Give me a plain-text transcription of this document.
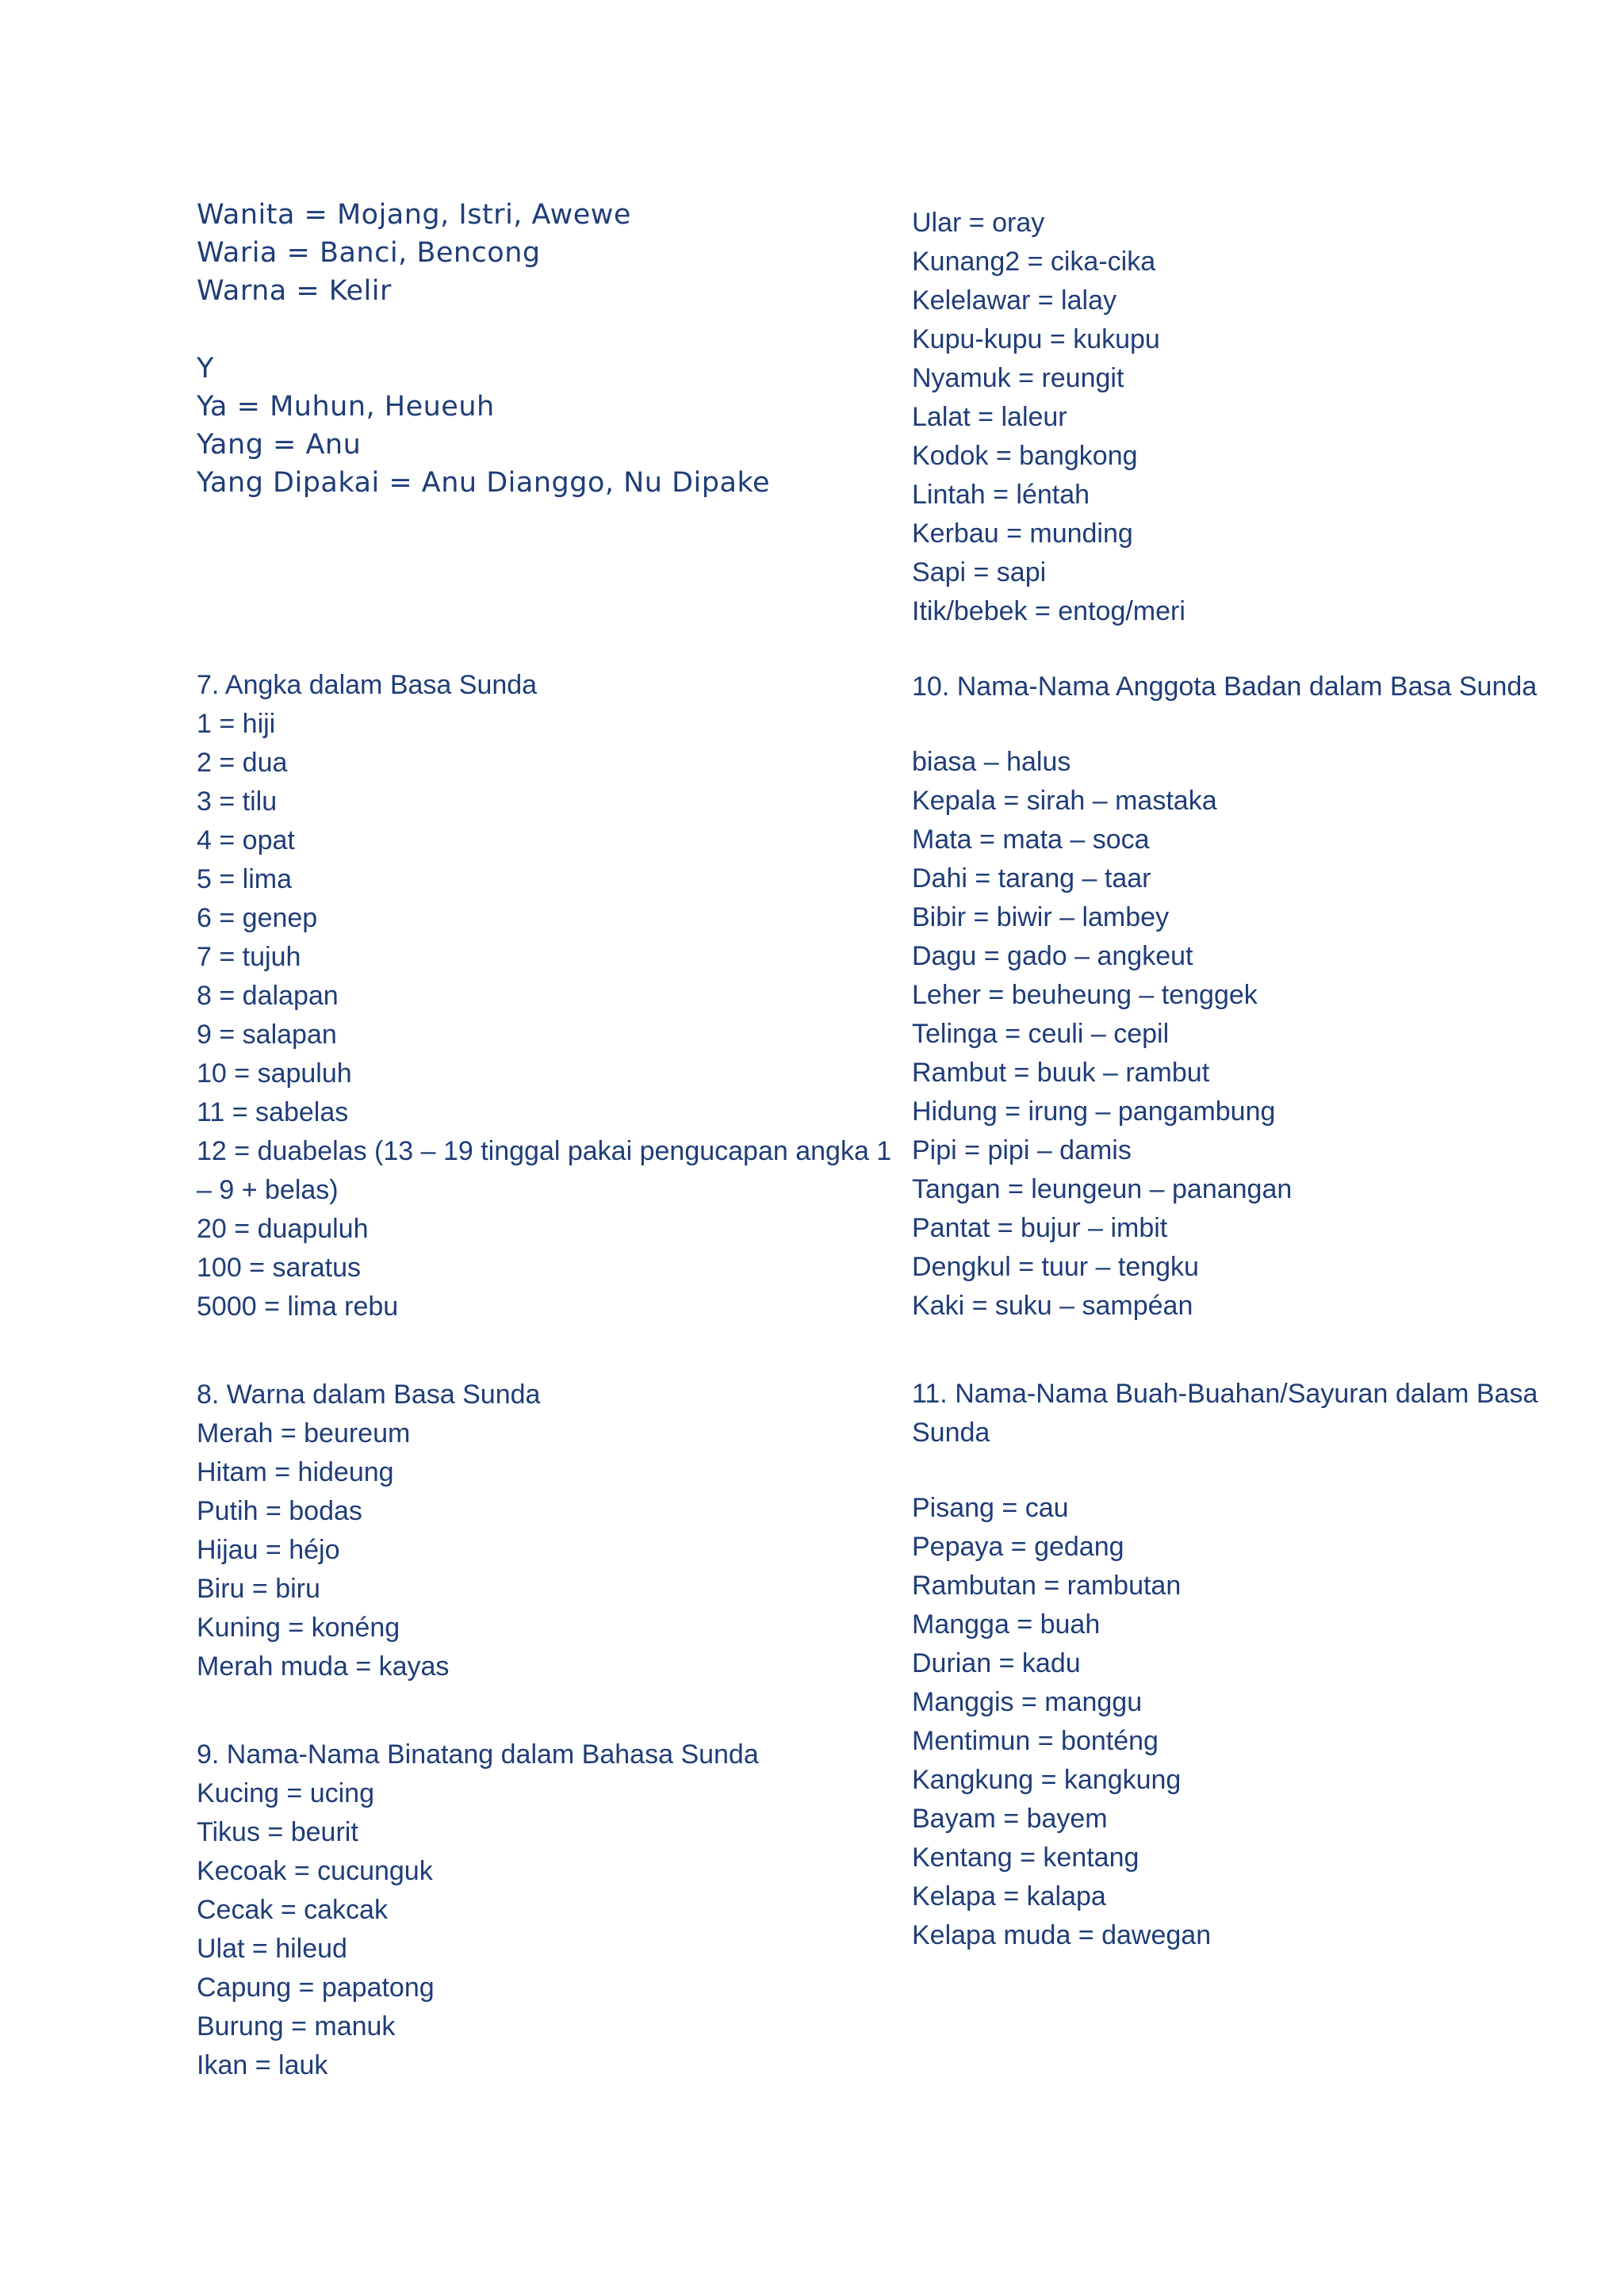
Wanita = Mojang, Istri, Awewe

Waria = Banci, Bencong

Warna = Kelir

Y

Ya = Muhun, Heueuh

Yang = Anu

Yang Dipakai = Anu Dianggo, Nu Dipake

7. Angka dalam Basa Sunda

1 = hiji

2 = dua

3 = tilu

4 = opat

5 = lima

6 = genep

7 = tujuh

8 = dalapan

9 = salapan

10 = sapuluh

11 = sabelas

12 = duabelas (13 – 19 tinggal pakai pengucapan angka 1 – 9 + belas)

20 = duapuluh

100 = saratus

5000 = lima rebu

8. Warna dalam Basa Sunda

Merah = beureum

Hitam = hideung

Putih = bodas

Hijau = héjo

Biru = biru

Kuning = konéng

Merah muda = kayas

9. Nama-Nama Binatang dalam Bahasa Sunda

Kucing = ucing

Tikus = beurit

Kecoak = cucunguk

Cecak = cakcak

Ulat = hileud

Capung = papatong

Burung = manuk

Ikan = lauk

Ular = oray

Kunang2 = cika-cika

Kelelawar = lalay

Kupu-kupu = kukupu

Nyamuk = reungit

Lalat = laleur

Kodok = bangkong

Lintah = léntah

Kerbau = munding

Sapi = sapi

Itik/bebek = entog/meri

10. Nama-Nama Anggota Badan dalam Basa Sunda

biasa – halus

Kepala = sirah – mastaka

Mata = mata – soca

Dahi = tarang – taar

Bibir = biwir – lambey

Dagu = gado – angkeut

Leher = beuheung – tenggek

Telinga = ceuli – cepil

Rambut = buuk – rambut

Hidung = irung – pangambung

Pipi = pipi – damis

Tangan = leungeun – panangan

Pantat = bujur – imbit

Dengkul = tuur – tengku

Kaki = suku – sampéan

11. Nama-Nama Buah-Buahan/Sayuran dalam Basa Sunda

Pisang = cau

Pepaya = gedang

Rambutan = rambutan

Mangga = buah

Durian = kadu

Manggis = manggu

Mentimun = bonténg

Kangkung = kangkung

Bayam = bayem

Kentang = kentang

Kelapa = kalapa

Kelapa muda = dawegan
